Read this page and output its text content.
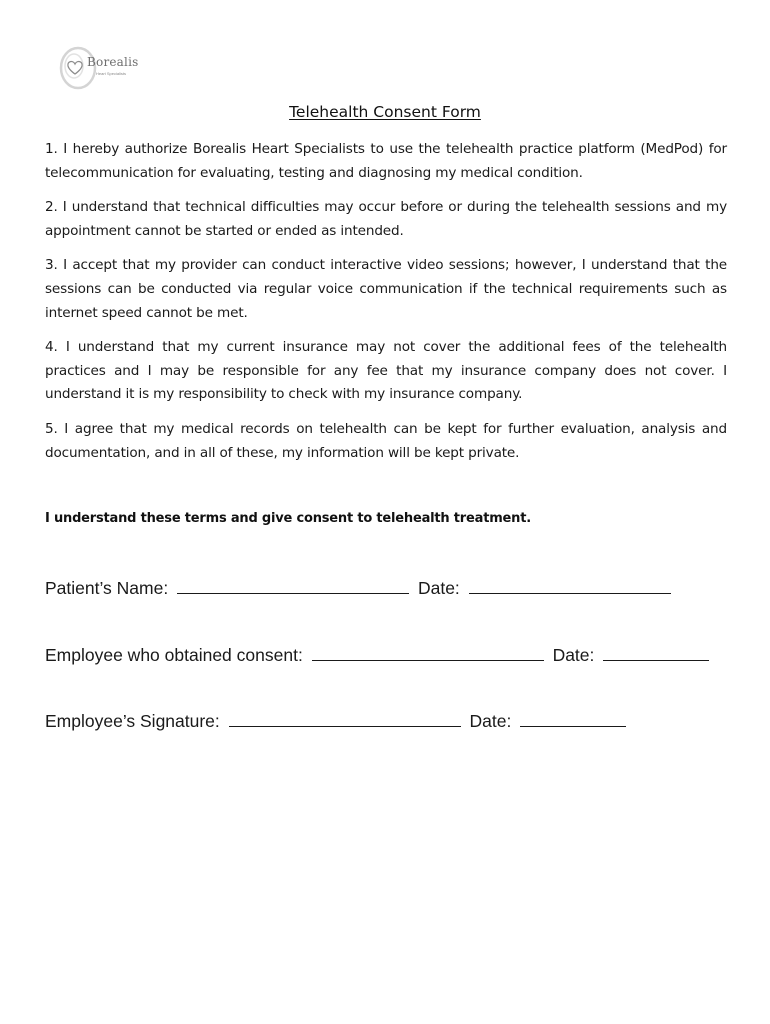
Borealis
Heart Specialists
Telehealth Consent Form

1. I hereby authorize Borealis Heart Specialists to use the telehealth practice platform (MedPod) for telecommunication for evaluating, testing and diagnosing my medical condition.

2. I understand that technical difficulties may occur before or during the telehealth sessions and my appointment cannot be started or ended as intended.

3. I accept that my provider can conduct interactive video sessions; however, I understand that the sessions can be conducted via regular voice communication if the technical requirements such as internet speed cannot be met.

4. I understand that my current insurance may not cover the additional fees of the telehealth practices and I may be responsible for any fee that my insurance company does not cover. I understand it is my responsibility to check with my insurance company.

5. I agree that my medical records on telehealth can be kept for further evaluation, analysis and documentation, and in all of these, my information will be kept private.

I understand these terms and give consent to telehealth treatment.
Patient’s Name:	Date:
Employee who obtained consent:	Date:
Employee’s Signature:	Date:
